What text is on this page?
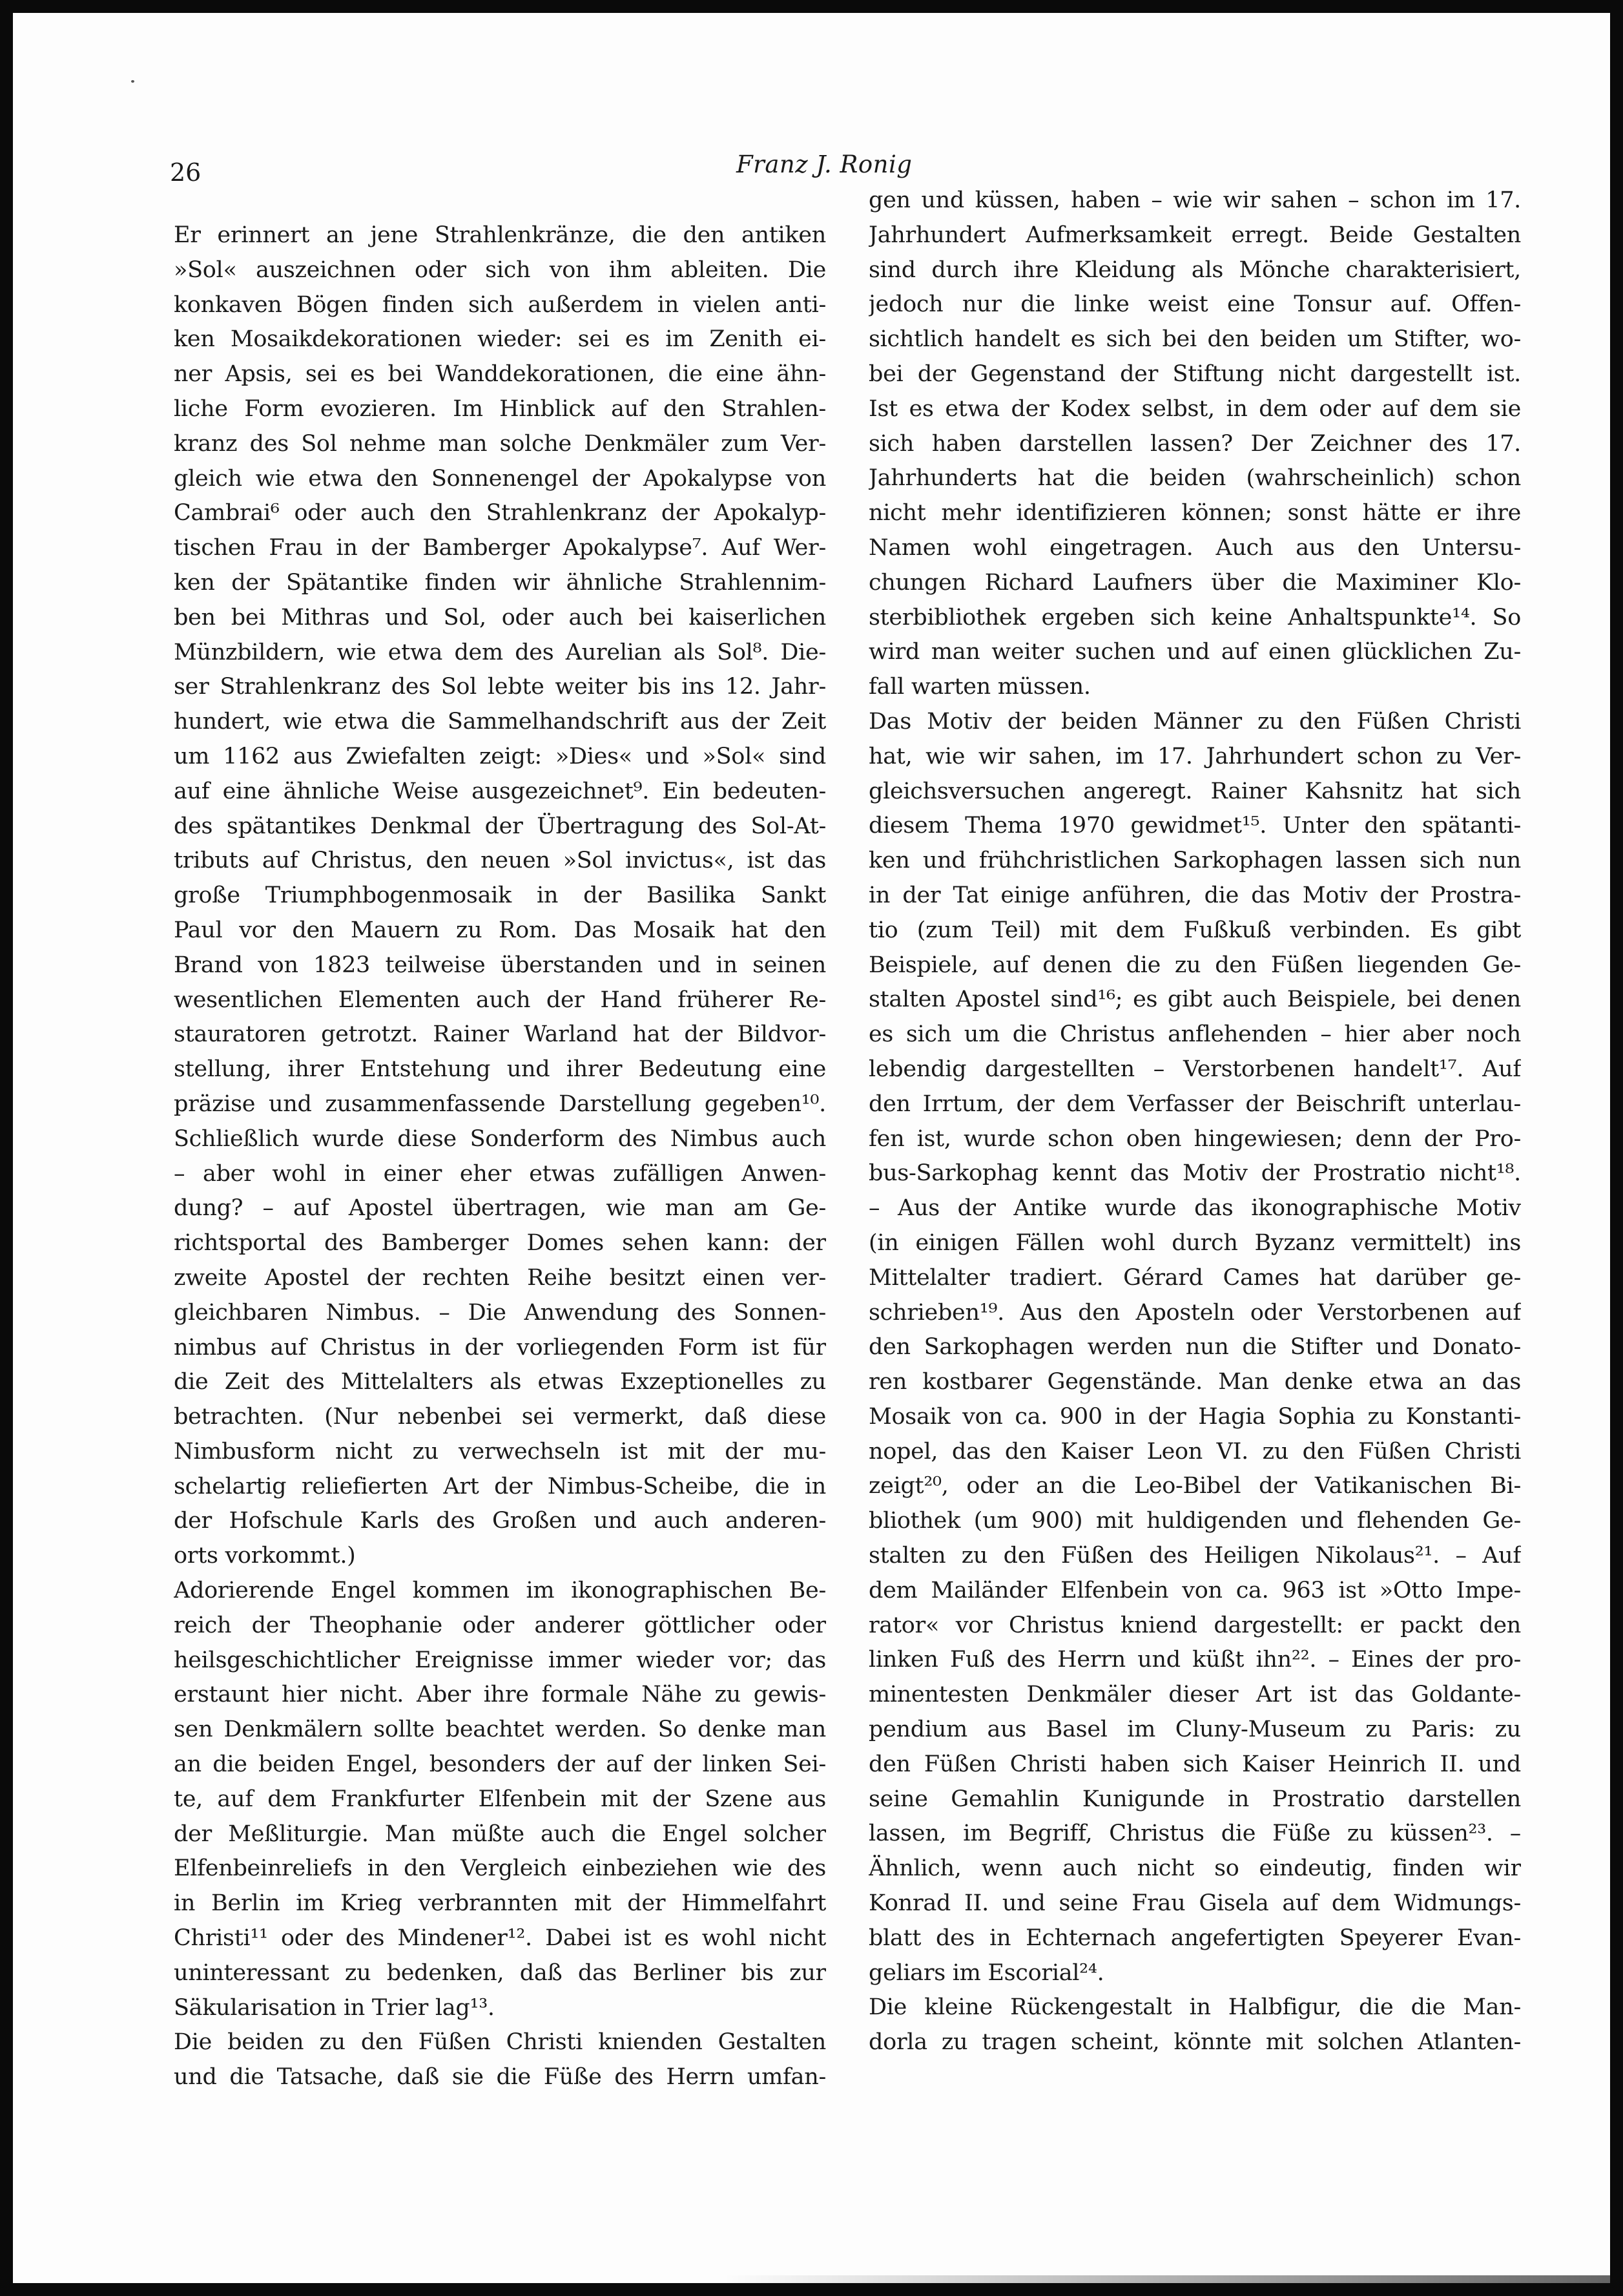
26	Franz J. Ronig
Er erinnert an jene Strahlenkränze, die den antiken
»Sol« auszeichnen oder sich von ihm ableiten. Die
konkaven Bögen finden sich außerdem in vielen anti-
ken Mosaikdekorationen wieder: sei es im Zenith ei-
ner Apsis, sei es bei Wanddekorationen, die eine ähn-
liche Form evozieren. Im Hinblick auf den Strahlen-
kranz des Sol nehme man solche Denkmäler zum Ver-
gleich wie etwa den Sonnenengel der Apokalypse von
Cambrai⁶ oder auch den Strahlenkranz der Apokalyp-
tischen Frau in der Bamberger Apokalypse⁷. Auf Wer-
ken der Spätantike finden wir ähnliche Strahlennim-
ben bei Mithras und Sol, oder auch bei kaiserlichen
Münzbildern, wie etwa dem des Aurelian als Sol⁸. Die-
ser Strahlenkranz des Sol lebte weiter bis ins 12. Jahr-
hundert, wie etwa die Sammelhandschrift aus der Zeit
um 1162 aus Zwiefalten zeigt: »Dies« und »Sol« sind
auf eine ähnliche Weise ausgezeichnet⁹. Ein bedeuten-
des spätantikes Denkmal der Übertragung des Sol-At-
tributs auf Christus, den neuen »Sol invictus«, ist das
große Triumphbogenmosaik in der Basilika Sankt
Paul vor den Mauern zu Rom. Das Mosaik hat den
Brand von 1823 teilweise überstanden und in seinen
wesentlichen Elementen auch der Hand früherer Re-
stauratoren getrotzt. Rainer Warland hat der Bildvor-
stellung, ihrer Entstehung und ihrer Bedeutung eine
präzise und zusammenfassende Darstellung gegeben¹⁰.
Schließlich wurde diese Sonderform des Nimbus auch
– aber wohl in einer eher etwas zufälligen Anwen-
dung? – auf Apostel übertragen, wie man am Ge-
richtsportal des Bamberger Domes sehen kann: der
zweite Apostel der rechten Reihe besitzt einen ver-
gleichbaren Nimbus. – Die Anwendung des Sonnen-
nimbus auf Christus in der vorliegenden Form ist für
die Zeit des Mittelalters als etwas Exzeptionelles zu
betrachten. (Nur nebenbei sei vermerkt, daß diese
Nimbusform nicht zu verwechseln ist mit der mu-
schelartig reliefierten Art der Nimbus-Scheibe, die in
der Hofschule Karls des Großen und auch anderen-
orts vorkommt.)
Adorierende Engel kommen im ikonographischen Be-
reich der Theophanie oder anderer göttlicher oder
heilsgeschichtlicher Ereignisse immer wieder vor; das
erstaunt hier nicht. Aber ihre formale Nähe zu gewis-
sen Denkmälern sollte beachtet werden. So denke man
an die beiden Engel, besonders der auf der linken Sei-
te, auf dem Frankfurter Elfenbein mit der Szene aus
der Meßliturgie. Man müßte auch die Engel solcher
Elfenbeinreliefs in den Vergleich einbeziehen wie des
in Berlin im Krieg verbrannten mit der Himmelfahrt
Christi¹¹ oder des Mindener¹². Dabei ist es wohl nicht
uninteressant zu bedenken, daß das Berliner bis zur
Säkularisation in Trier lag¹³.
Die beiden zu den Füßen Christi knienden Gestalten
und die Tatsache, daß sie die Füße des Herrn umfan-
gen und küssen, haben – wie wir sahen – schon im 17.
Jahrhundert Aufmerksamkeit erregt. Beide Gestalten
sind durch ihre Kleidung als Mönche charakterisiert,
jedoch nur die linke weist eine Tonsur auf. Offen-
sichtlich handelt es sich bei den beiden um Stifter, wo-
bei der Gegenstand der Stiftung nicht dargestellt ist.
Ist es etwa der Kodex selbst, in dem oder auf dem sie
sich haben darstellen lassen? Der Zeichner des 17.
Jahrhunderts hat die beiden (wahrscheinlich) schon
nicht mehr identifizieren können; sonst hätte er ihre
Namen wohl eingetragen. Auch aus den Untersu-
chungen Richard Laufners über die Maximiner Klo-
sterbibliothek ergeben sich keine Anhaltspunkte¹⁴. So
wird man weiter suchen und auf einen glücklichen Zu-
fall warten müssen.
Das Motiv der beiden Männer zu den Füßen Christi
hat, wie wir sahen, im 17. Jahrhundert schon zu Ver-
gleichsversuchen angeregt. Rainer Kahsnitz hat sich
diesem Thema 1970 gewidmet¹⁵. Unter den spätanti-
ken und frühchristlichen Sarkophagen lassen sich nun
in der Tat einige anführen, die das Motiv der Prostra-
tio (zum Teil) mit dem Fußkuß verbinden. Es gibt
Beispiele, auf denen die zu den Füßen liegenden Ge-
stalten Apostel sind¹⁶; es gibt auch Beispiele, bei denen
es sich um die Christus anflehenden – hier aber noch
lebendig dargestellten – Verstorbenen handelt¹⁷. Auf
den Irrtum, der dem Verfasser der Beischrift unterlau-
fen ist, wurde schon oben hingewiesen; denn der Pro-
bus-Sarkophag kennt das Motiv der Prostratio nicht¹⁸.
– Aus der Antike wurde das ikonographische Motiv
(in einigen Fällen wohl durch Byzanz vermittelt) ins
Mittelalter tradiert. Gérard Cames hat darüber ge-
schrieben¹⁹. Aus den Aposteln oder Verstorbenen auf
den Sarkophagen werden nun die Stifter und Donato-
ren kostbarer Gegenstände. Man denke etwa an das
Mosaik von ca. 900 in der Hagia Sophia zu Konstanti-
nopel, das den Kaiser Leon VI. zu den Füßen Christi
zeigt²⁰, oder an die Leo-Bibel der Vatikanischen Bi-
bliothek (um 900) mit huldigenden und flehenden Ge-
stalten zu den Füßen des Heiligen Nikolaus²¹. – Auf
dem Mailänder Elfenbein von ca. 963 ist »Otto Impe-
rator« vor Christus kniend dargestellt: er packt den
linken Fuß des Herrn und küßt ihn²². – Eines der pro-
minentesten Denkmäler dieser Art ist das Goldante-
pendium aus Basel im Cluny-Museum zu Paris: zu
den Füßen Christi haben sich Kaiser Heinrich II. und
seine Gemahlin Kunigunde in Prostratio darstellen
lassen, im Begriff, Christus die Füße zu küssen²³. –
Ähnlich, wenn auch nicht so eindeutig, finden wir
Konrad II. und seine Frau Gisela auf dem Widmungs-
blatt des in Echternach angefertigten Speyerer Evan-
geliars im Escorial²⁴.
Die kleine Rückengestalt in Halbfigur, die die Man-
dorla zu tragen scheint, könnte mit solchen Atlanten-
